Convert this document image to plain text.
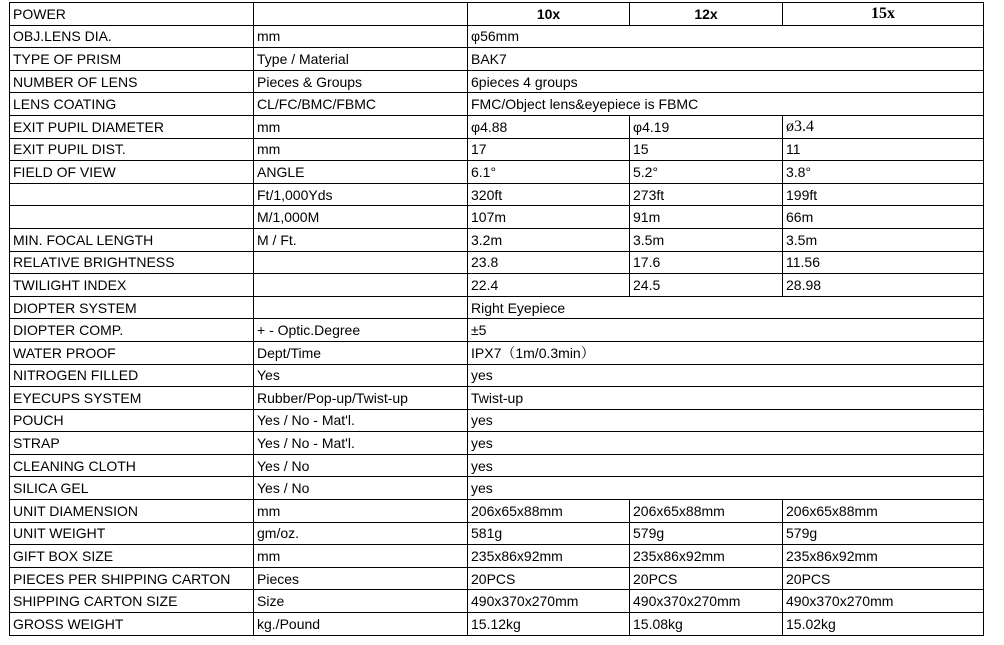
POWER		10x	12x	15x
OBJ.LENS DIA.	mm	φ56mm		
TYPE OF PRISM	Type / Material	BAK7		
NUMBER OF LENS	Pieces & Groups	6pieces 4 groups		
LENS COATING	CL/FC/BMC/FBMC	FMC/Object lens&eyepiece is FBMC		
EXIT PUPIL DIAMETER	mm	φ4.88	φ4.19	ø3.4
EXIT PUPIL DIST.	mm	17	15	11
FIELD OF VIEW	ANGLE	6.1°	5.2°	3.8°
	Ft/1,000Yds	320ft	273ft	199ft
	M/1,000M	107m	91m	66m
MIN. FOCAL LENGTH	M / Ft.	3.2m	3.5m	3.5m
RELATIVE BRIGHTNESS		23.8	17.6	11.56
TWILIGHT INDEX		22.4	24.5	28.98
DIOPTER SYSTEM		Right Eyepiece		
DIOPTER COMP.	+ - Optic.Degree	±5		
WATER PROOF	Dept/Time	IPX7（1m/0.3min）		
NITROGEN FILLED	Yes	yes		
EYECUPS SYSTEM	Rubber/Pop-up/Twist-up	Twist-up		
POUCH	Yes / No - Mat'l.	yes		
STRAP	Yes / No - Mat'l.	yes		
CLEANING CLOTH	Yes / No	yes		
SILICA GEL	Yes / No	yes		
UNIT DIAMENSION	mm	206x65x88mm	206x65x88mm	206x65x88mm
UNIT WEIGHT	gm/oz.	581g	579g	579g
GIFT BOX SIZE	mm	235x86x92mm	235x86x92mm	235x86x92mm
PIECES PER SHIPPING CARTON	Pieces	20PCS	20PCS	20PCS
SHIPPING CARTON SIZE	Size	490x370x270mm	490x370x270mm	490x370x270mm
GROSS WEIGHT	kg./Pound	15.12kg	15.08kg	15.02kg
